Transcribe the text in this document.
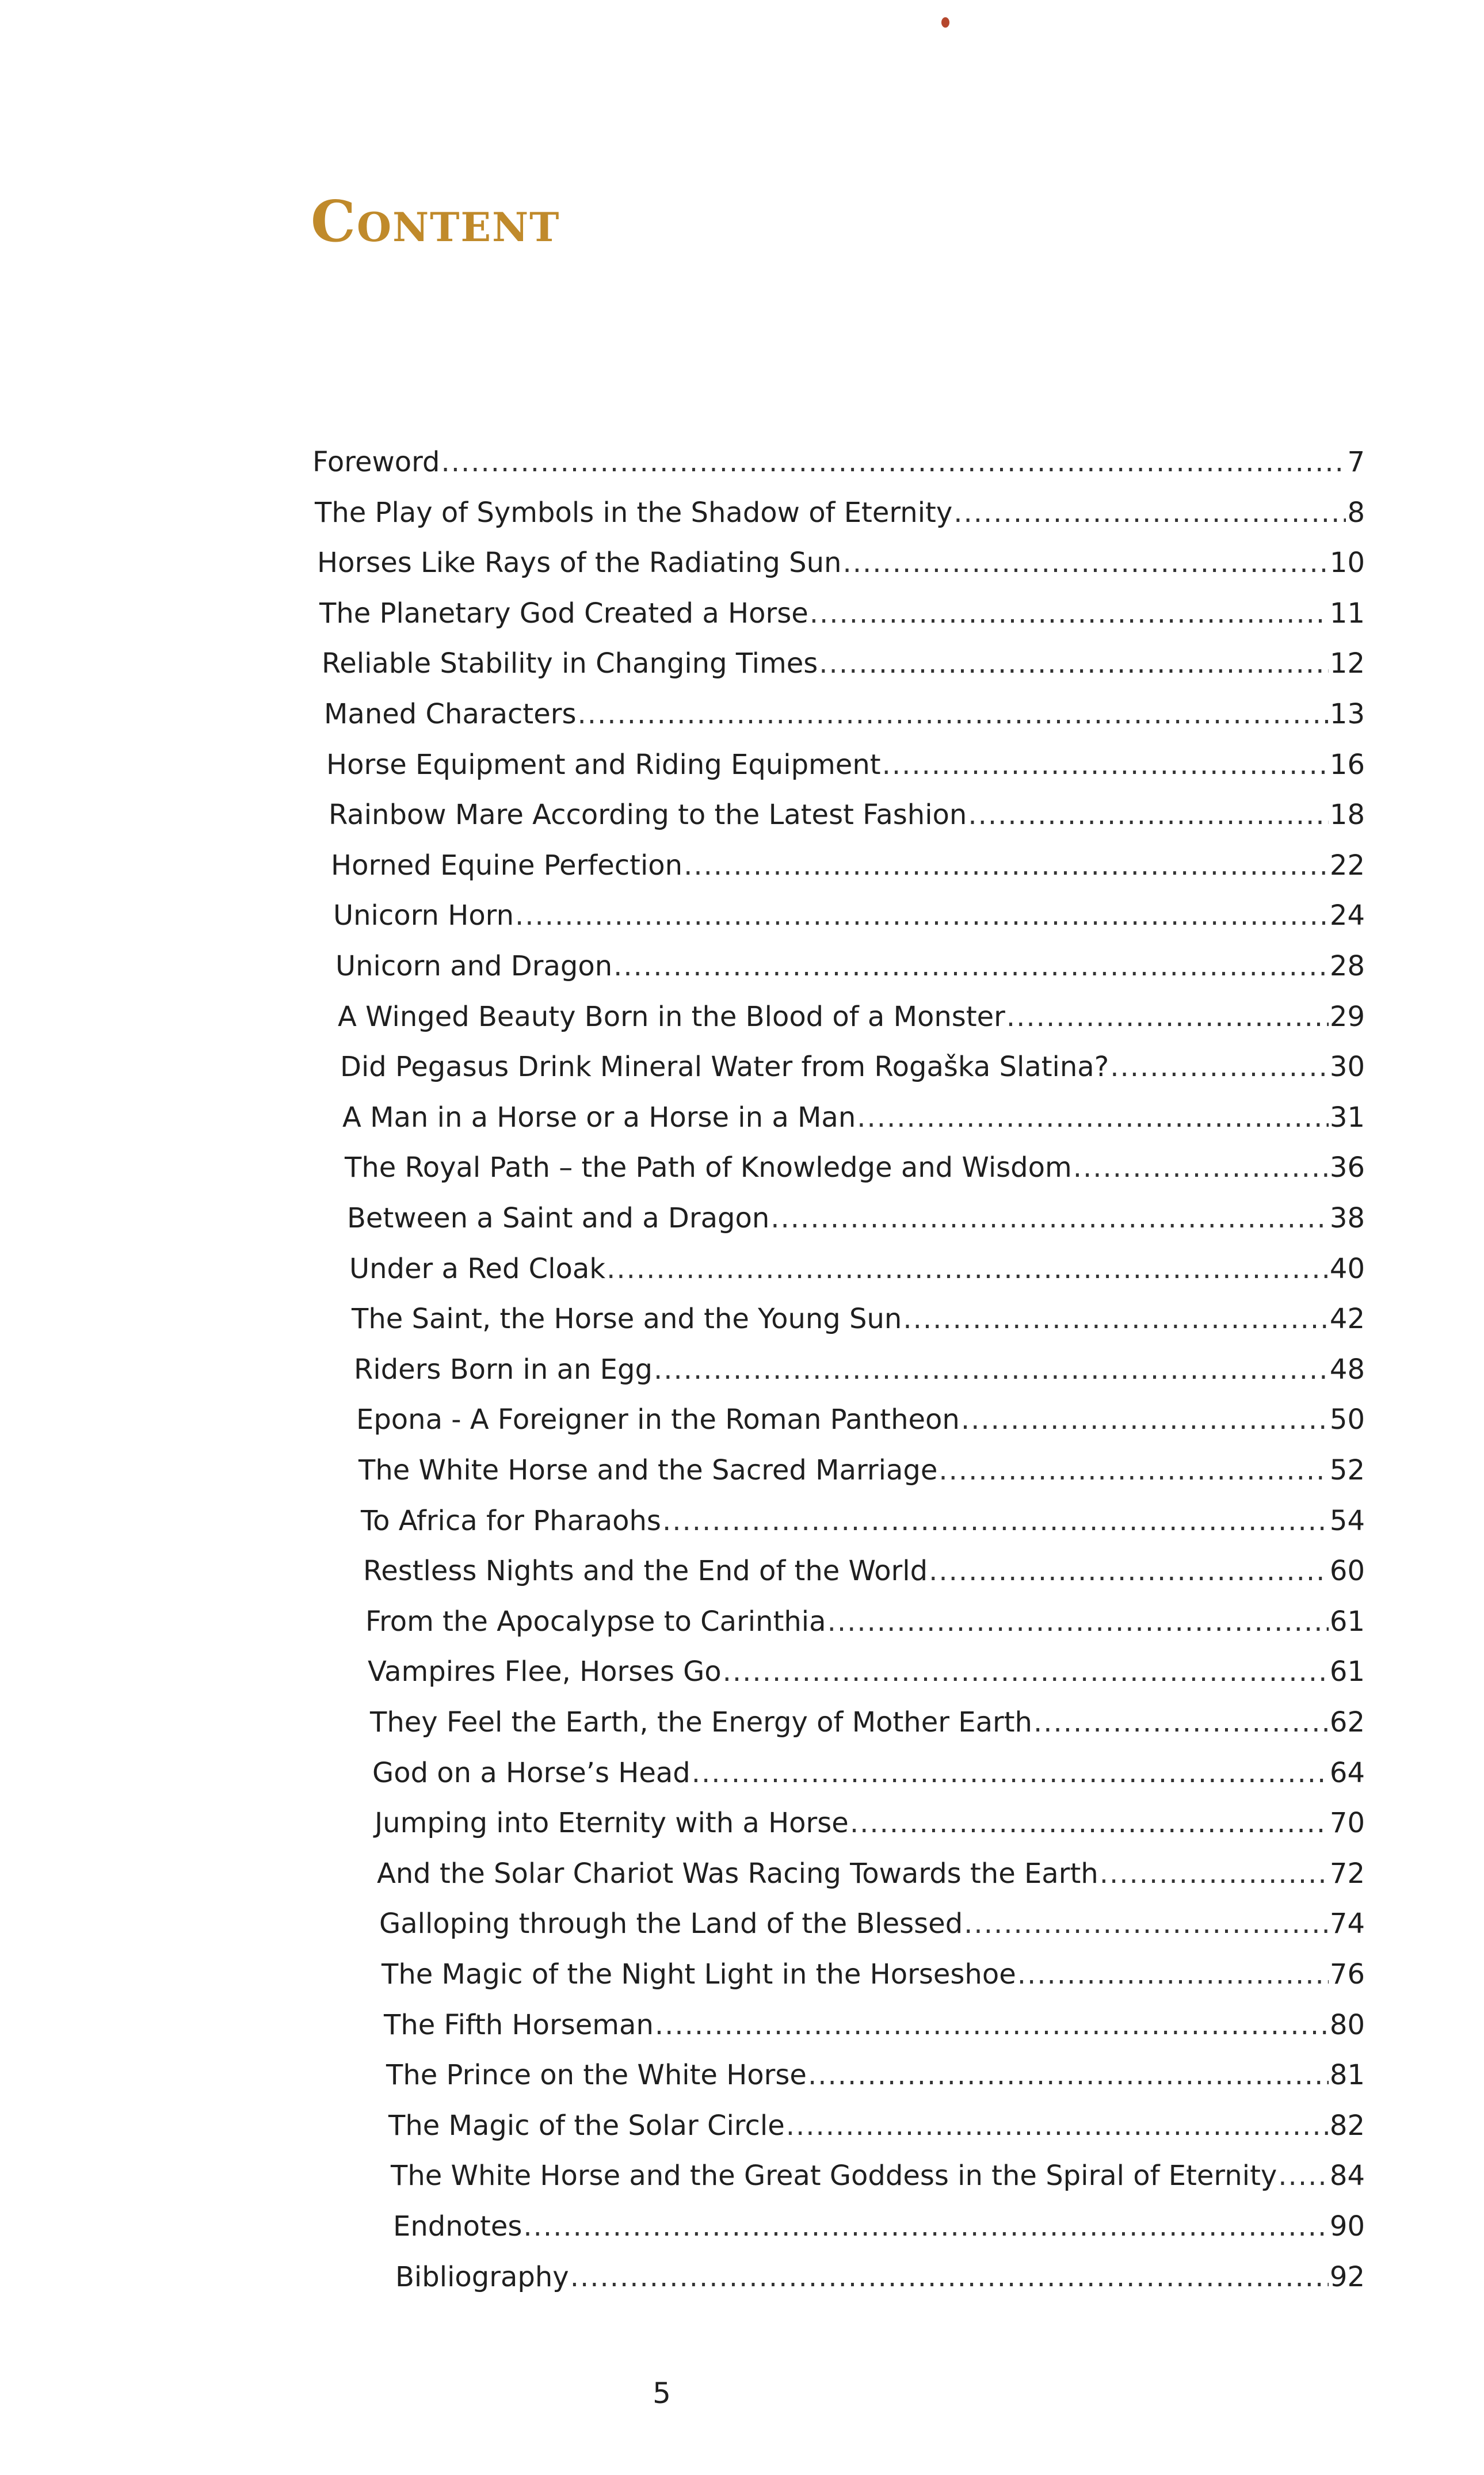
Content
Foreword .....	7
The Play of Symbols in the Shadow of Eternity .....	8
Horses Like Rays of the Radiating Sun .....	10
The Planetary God Created a Horse .....	11
Reliable Stability in Changing Times .....	12
Maned Characters .....	13
Horse Equipment and Riding Equipment .....	16
Rainbow Mare According to the Latest Fashion .....	18
Horned Equine Perfection .....	22
Unicorn Horn .....	24
Unicorn and Dragon .....	28
A Winged Beauty Born in the Blood of a Monster .....	29
Did Pegasus Drink Mineral Water from Rogaška Slatina? .....	30
A Man in a Horse or a Horse in a Man .....	31
The Royal Path – the Path of Knowledge and Wisdom .....	36
Between a Saint and a Dragon .....	38
Under a Red Cloak .....	40
The Saint, the Horse and the Young Sun .....	42
Riders Born in an Egg .....	48
Epona - A Foreigner in the Roman Pantheon .....	50
The White Horse and the Sacred Marriage .....	52
To Africa for Pharaohs .....	54
Restless Nights and the End of the World .....	60
From the Apocalypse to Carinthia .....	61
Vampires Flee, Horses Go .....	61
They Feel the Earth, the Energy of Mother Earth .....	62
God on a Horse’s Head .....	64
Jumping into Eternity with a Horse .....	70
And the Solar Chariot Was Racing Towards the Earth .....	72
Galloping through the Land of the Blessed .....	74
The Magic of the Night Light in the Horseshoe .....	76
The Fifth Horseman .....	80
The Prince on the White Horse .....	81
The Magic of the Solar Circle .....	82
The White Horse and the Great Goddess in the Spiral of Eternity ..... 84
Endnotes .....	90
Bibliography .....	92
5
